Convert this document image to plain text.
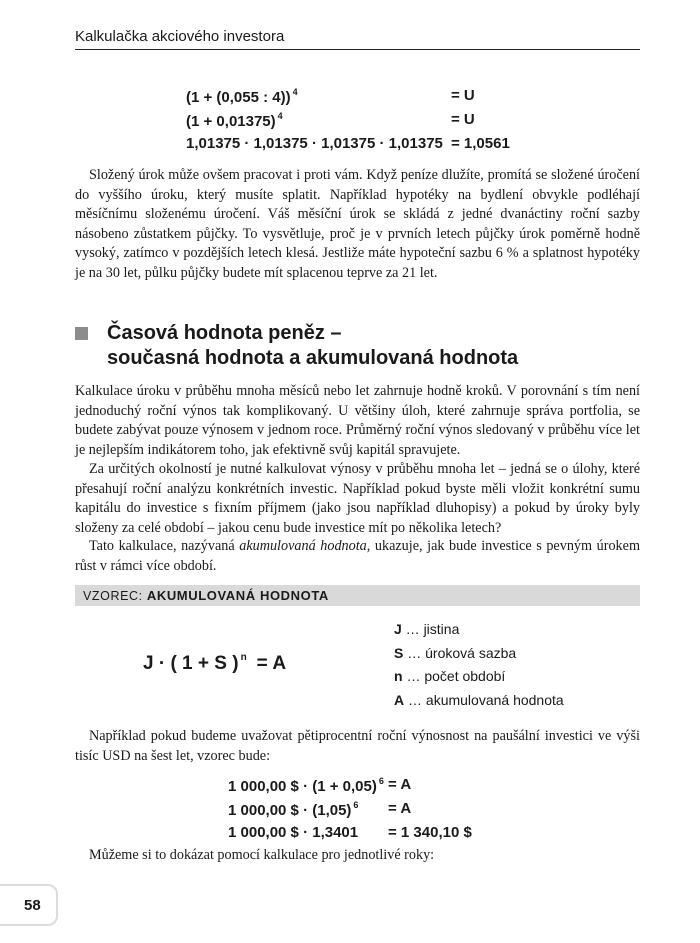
Kalkulačka akciového investora
(1 + (0,055 : 4)) $^4$	= U
(1 + 0,01375) $^4$	= U
1,01375 · 1,01375 · 1,01375 · 1,01375 = 1,0561

Složený úrok může ovšem pracovat i proti vám. Když peníze dlužíte, promítá se složené úročení do vyššího úroku, který musíte splatit. Například hypotéky na bydlení obvykle podléhají měsíčnímu složenému úročení. Váš měsíční úrok se skládá z jedné dvanáctiny roční sazby násobeno zůstatkem půjčky. To vysvětluje, proč je v prvních letech půjčky úrok poměrně hodně vysoký, zatímco v pozdějších letech klesá. Jestliže máte hypoteční sazbu 6 % a splatnost hypotéky je na 30 let, půlku půjčky budete mít splacenou teprve za 21 let.

Časová hodnota peněz –
současná hodnota a akumulovaná hodnota

Kalkulace úroku v průběhu mnoha měsíců nebo let zahrnuje hodně kroků. V porovnání s tím není jednoduchý roční výnos tak komplikovaný. U většiny úloh, které zahrnuje správa portfolia, se budete zabývat pouze výnosem v jednom roce. Průměrný roční výnos sledovaný v průběhu více let je nejlepším indikátorem toho, jak efektivně svůj kapitál spravujete.

Za určitých okolností je nutné kalkulovat výnosy v průběhu mnoha let – jedná se o úlohy, které přesahují roční analýzu konkrétních investic. Například pokud byste měli vložit konkrétní sumu kapitálu do investice s fixním příjmem (jako jsou například dluhopisy) a pokud by úroky byly složeny za celé období – jakou cenu bude investice mít po několika letech?

Tato kalkulace, nazývaná akumulovaná hodnota, ukazuje, jak bude investice s pevným úrokem růst v rámci více období.

VZOREC: AKUMULOVANÁ HODNOTA
J · ( 1 + S ) $^n$ = A
J … jistina
S … úroková sazba
n … počet období
A … akumulovaná hodnota

Například pokud budeme uvažovat pětiprocentní roční výnosnost na paušální investici ve výši tisíc USD na šest let, vzorec bude:

1 000,00 $ · (1 + 0,05) $^6$ = A
1 000,00 $ · (1,05) $^6$ = A
1 000,00 $ · 1,3401 = 1 340,10 $

Můžeme si to dokázat pomocí kalkulace pro jednotlivé roky:

58
